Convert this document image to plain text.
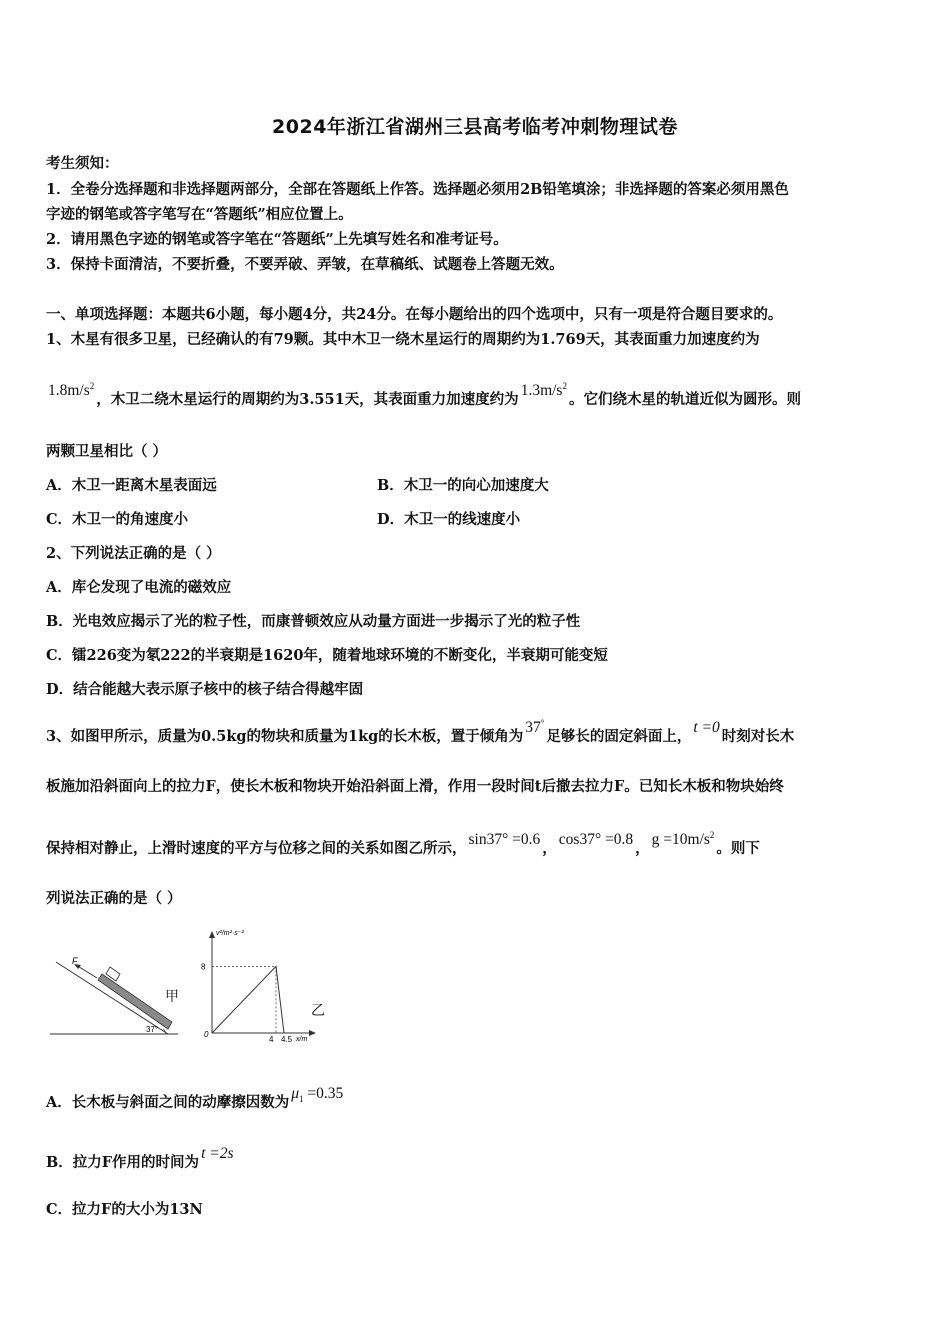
2024年浙江省湖州三县高考临考冲刺物理试卷
考生须知：
1．全卷分选择题和非选择题两部分，全部在答题纸上作答。选择题必须用2B铅笔填涂；非选择题的答案必须用黑色
字迹的钢笔或答字笔写在“答题纸”相应位置上。
2．请用黑色字迹的钢笔或答字笔在“答题纸”上先填写姓名和准考证号。
3．保持卡面清洁，不要折叠，不要弄破、弄皱，在草稿纸、试题卷上答题无效。
一、单项选择题：本题共6小题，每小题4分，共24分。在每小题给出的四个选项中，只有一项是符合题目要求的。
1、木星有很多卫星，已经确认的有79颗。其中木卫一绕木星运行的周期约为1.769天，其表面重力加速度约为
$1.8m/s^2$，木卫二绕木星运行的周期约为3.551天，其表面重力加速度约为$1.3m/s^2$。它们绕木星的轨道近似为圆形。则
两颗卫星相比（ ）
A．木卫一距离木星表面远	B．木卫一的向心加速度大
C．木卫一的角速度小	D．木卫一的线速度小
2、下列说法正确的是（ ）
A．库仑发现了电流的磁效应
B．光电效应揭示了光的粒子性，而康普顿效应从动量方面进一步揭示了光的粒子性
C．镭226变为氡222的半衰期是1620年，随着地球环境的不断变化，半衰期可能变短
D．结合能越大表示原子核中的核子结合得越牢固
3、如图甲所示，质量为0.5kg的物块和质量为1kg的长木板，置于倾角为37°足够长的固定斜面上，t =0时刻对长木
板施加沿斜面向上的拉力F，使长木板和物块开始沿斜面上滑，作用一段时间t后撤去拉力F。已知长木板和物块始终
保持相对静止，上滑时速度的平方与位移之间的关系如图乙所示，sin37° =0.6，cos37° =0.8，$g =10m/s^2$。则下
列说法正确的是（ ）
F
37°
甲
v²/m²·s⁻²
x/m
0
8
4 4.5
乙
A．长木板与斜面之间的动摩擦因数为$\mu_1 =0.35$
B．拉力F作用的时间为t =2s
C．拉力F的大小为13N
